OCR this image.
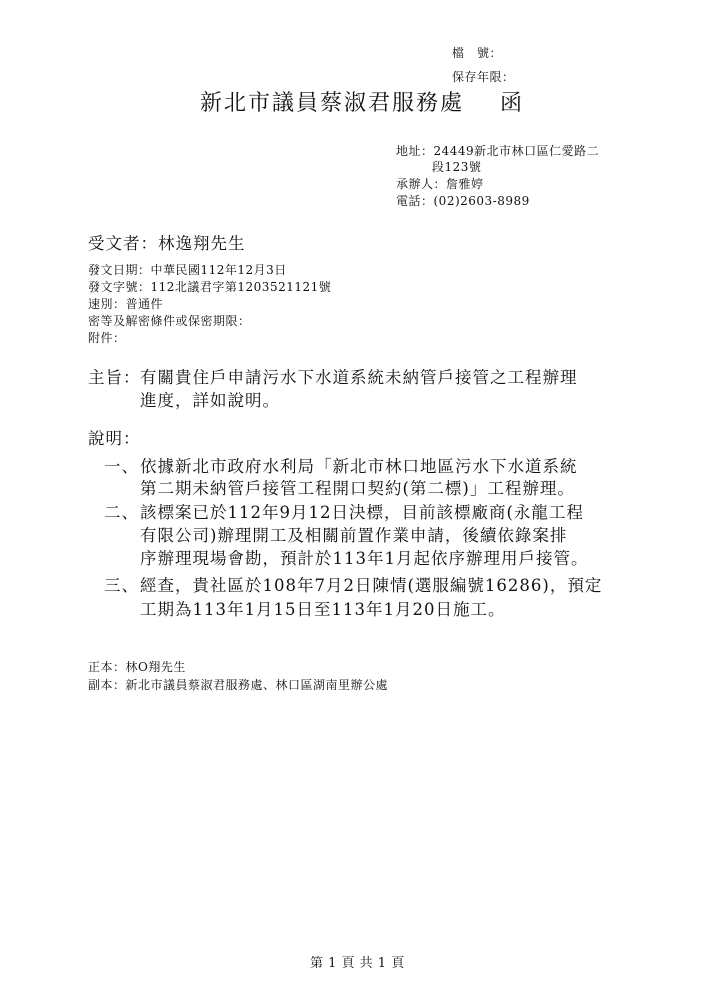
檔　號：
保存年限：
新北市議員蔡淑君服務處 函
地址：24449新北市林口區仁愛路二
段123號
承辦人：詹雅婷
電話：(02)2603-8989
受文者：林逸翔先生
發文日期：中華民國112年12月3日
發文字號：112北議君字第1203521121號
速別：普通件
密等及解密條件或保密期限：
附件：
主旨： 有關貴住戶申請污水下水道系統未納管戶接管之工程辦理
進度，詳如說明。
說明：
一、 依據新北市政府水利局「新北市林口地區污水下水道系統
第二期未納管戶接管工程開口契約(第二標)」工程辦理。
二、 該標案已於112年9月12日決標，目前該標廠商(永龍工程
有限公司)辦理開工及相關前置作業申請，後續依錄案排
序辦理現場會勘，預計於113年1月起依序辦理用戶接管。
三、 經查，貴社區於108年7月2日陳情(選服編號16286)，預定
工期為113年1月15日至113年1月20日施工。
正本：林O翔先生
副本：新北市議員蔡淑君服務處、林口區湖南里辦公處
第 1 頁 共 1 頁
